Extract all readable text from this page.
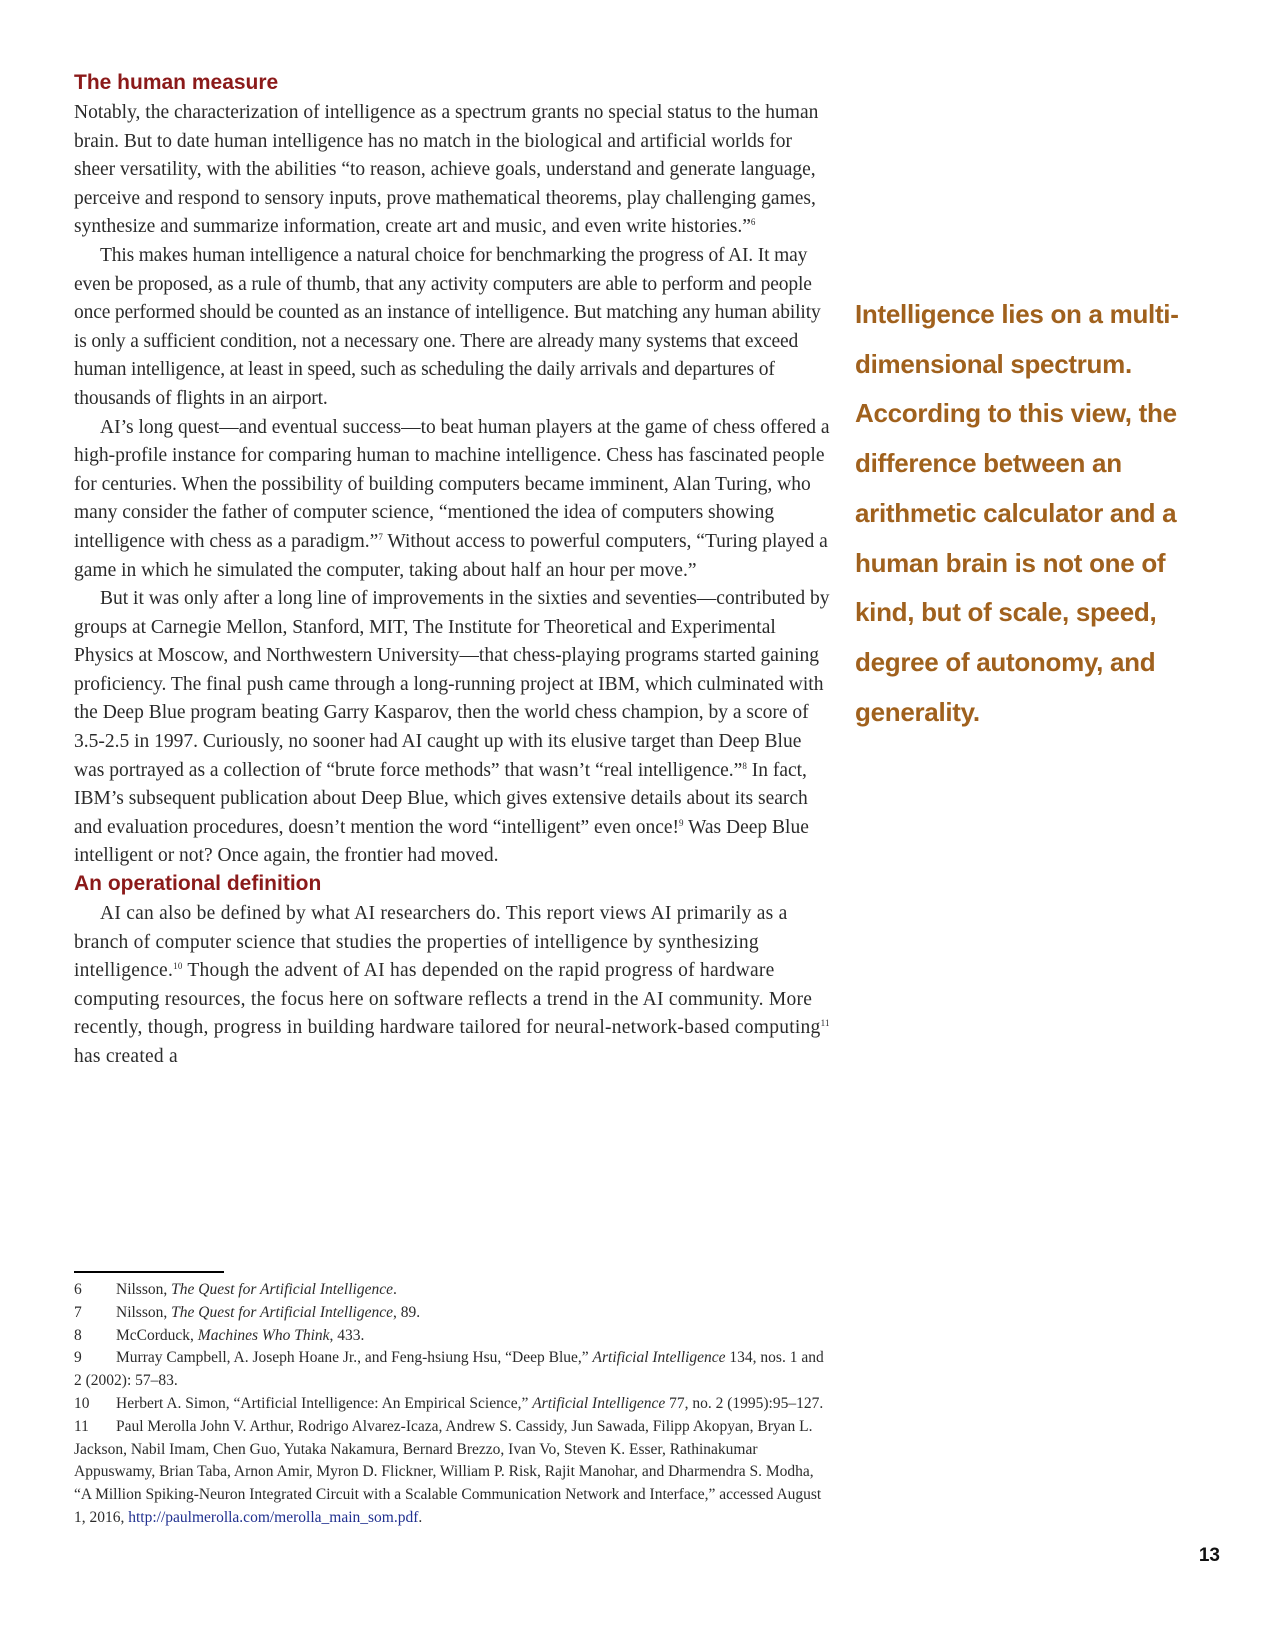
The human measure

Notably, the characterization of intelligence as a spectrum grants no special status to the human brain. But to date human intelligence has no match in the biological and artificial worlds for sheer versatility, with the abilities “to reason, achieve goals, understand and generate language, perceive and respond to sensory inputs, prove mathematical theorems, play challenging games, synthesize and summarize information, create art and music, and even write histories.”$^6$

This makes human intelligence a natural choice for benchmarking the progress of AI. It may even be proposed, as a rule of thumb, that any activity computers are able to perform and people once performed should be counted as an instance of intelligence. But matching any human ability is only a sufficient condition, not a necessary one. There are already many systems that exceed human intelligence, at least in speed, such as scheduling the daily arrivals and departures of thousands of flights in an airport.

AI’s long quest—and eventual success—to beat human players at the game of chess offered a high-profile instance for comparing human to machine intelligence. Chess has fascinated people for centuries. When the possibility of building computers became imminent, Alan Turing, who many consider the father of computer science, “mentioned the idea of computers showing intelligence with chess as a paradigm.”$^7$ Without access to powerful computers, “Turing played a game in which he simulated the computer, taking about half an hour per move.”

But it was only after a long line of improvements in the sixties and seventies—contributed by groups at Carnegie Mellon, Stanford, MIT, The Institute for Theoretical and Experimental Physics at Moscow, and Northwestern University—that chess-playing programs started gaining proficiency. The final push came through a long-running project at IBM, which culminated with the Deep Blue program beating Garry Kasparov, then the world chess champion, by a score of 3.5-2.5 in 1997. Curiously, no sooner had AI caught up with its elusive target than Deep Blue was portrayed as a collection of “brute force methods” that wasn’t “real intelligence.”$^8$ In fact, IBM’s subsequent publication about Deep Blue, which gives extensive details about its search and evaluation procedures, doesn’t mention the word “intelligent” even once!$^9$ Was Deep Blue intelligent or not? Once again, the frontier had moved.

An operational definition

AI can also be defined by what AI researchers do. This report views AI primarily as a branch of computer science that studies the properties of intelligence by synthesizing intelligence.$^{10}$ Though the advent of AI has depended on the rapid progress of hardware computing resources, the focus here on software reflects a trend in the AI community. More recently, though, progress in building hardware tailored for neural-network-based computing$^{11}$ has created a

Intelligence lies on a multi-dimensional spectrum. According to this view, the difference between an arithmetic calculator and a human brain is not one of kind, but of scale, speed, degree of autonomy, and generality.

6 Nilsson, The Quest for Artificial Intelligence.

7 Nilsson, The Quest for Artificial Intelligence, 89.

8 McCorduck, Machines Who Think, 433.

9 Murray Campbell, A. Joseph Hoane Jr., and Feng-hsiung Hsu, “Deep Blue,” Artificial Intelligence 134, nos. 1 and 2 (2002): 57–83.

10 Herbert A. Simon, “Artificial Intelligence: An Empirical Science,” Artificial Intelligence 77, no. 2 (1995):95–127.

11 Paul Merolla John V. Arthur, Rodrigo Alvarez-Icaza, Andrew S. Cassidy, Jun Sawada, Filipp Akopyan, Bryan L. Jackson, Nabil Imam, Chen Guo, Yutaka Nakamura, Bernard Brezzo, Ivan Vo, Steven K. Esser, Rathinakumar Appuswamy, Brian Taba, Arnon Amir, Myron D. Flickner, William P. Risk, Rajit Manohar, and Dharmendra S. Modha, “A Million Spiking-Neuron Integrated Circuit with a Scalable Communication Network and Interface,” accessed August 1, 2016, http://paulmerolla.com/merolla_main_som.pdf.

13
